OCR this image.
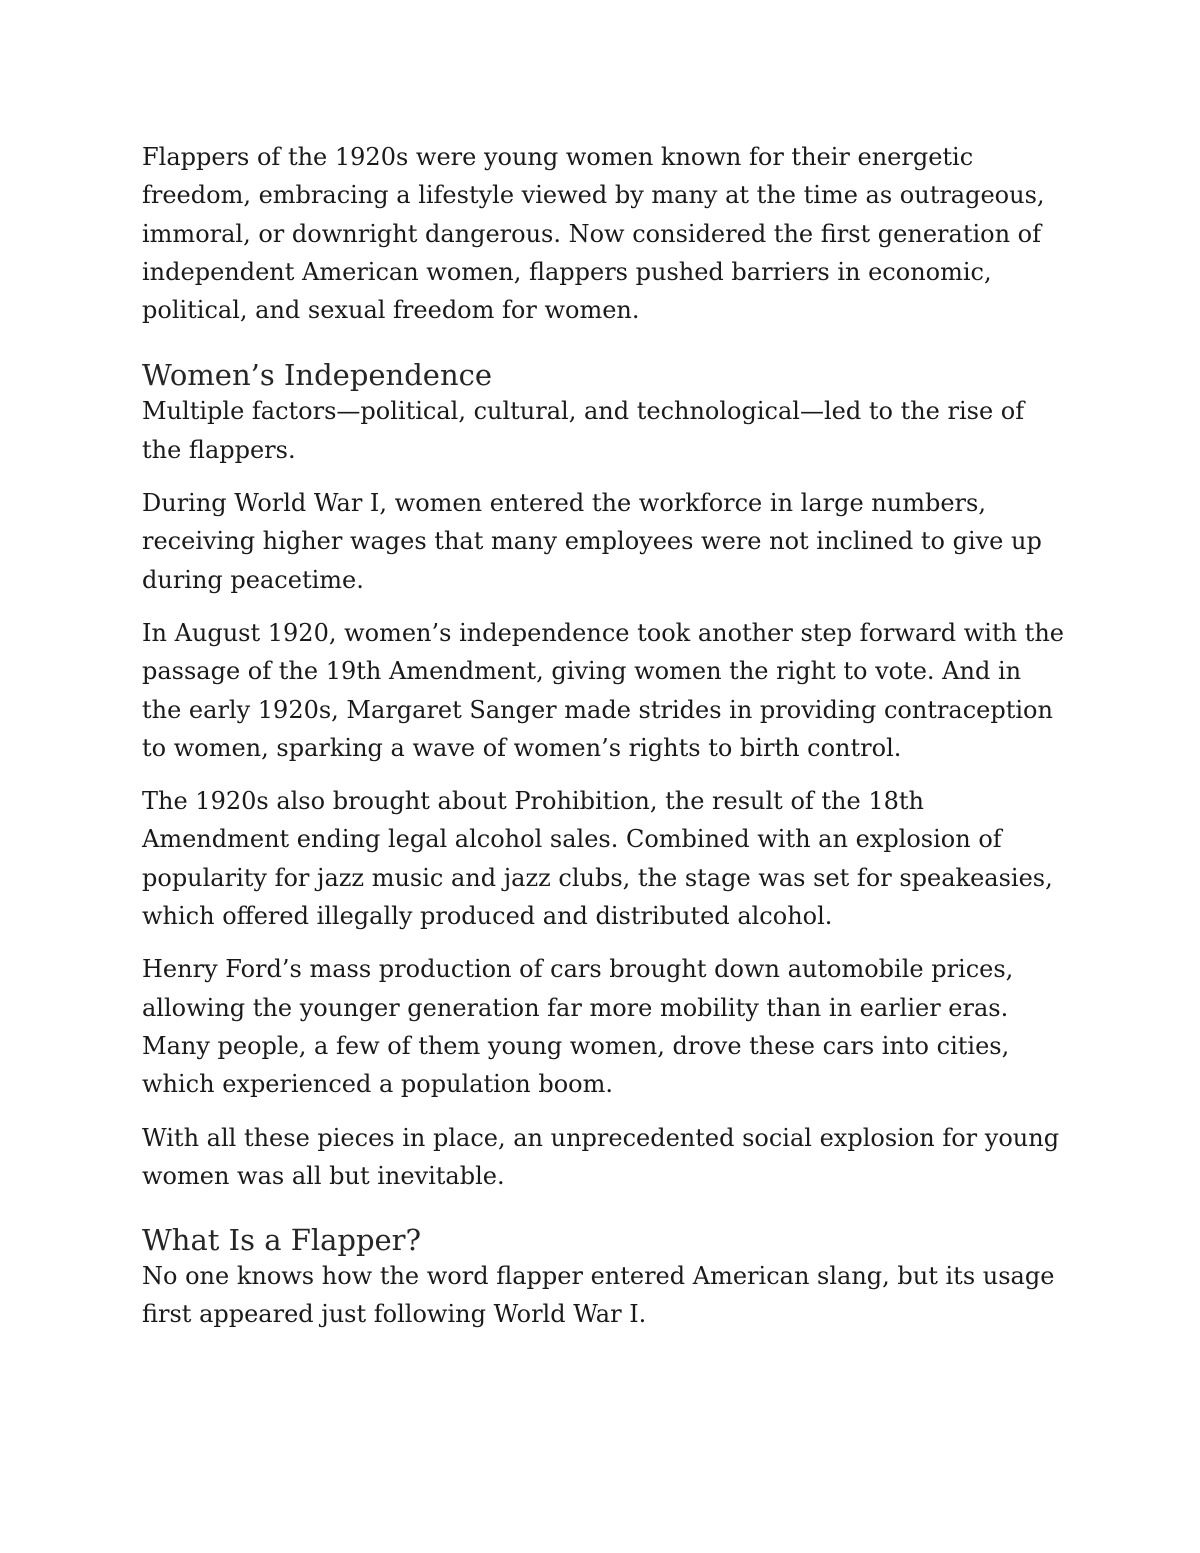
Flappers of the 1920s were young women known for their energetic freedom, embracing a lifestyle viewed by many at the time as outrageous, immoral, or downright dangerous. Now considered the first generation of independent American women, flappers pushed barriers in economic, political, and sexual freedom for women.

Women’s Independence

Multiple factors—political, cultural, and technological—led to the rise of the flappers.

During World War I, women entered the workforce in large numbers, receiving higher wages that many employees were not inclined to give up during peacetime.

In August 1920, women’s independence took another step forward with the passage of the 19th Amendment, giving women the right to vote. And in the early 1920s, Margaret Sanger made strides in providing contraception to women, sparking a wave of women’s rights to birth control.

The 1920s also brought about Prohibition, the result of the 18th Amendment ending legal alcohol sales. Combined with an explosion of popularity for jazz music and jazz clubs, the stage was set for speakeasies, which offered illegally produced and distributed alcohol.

Henry Ford’s mass production of cars brought down automobile prices, allowing the younger generation far more mobility than in earlier eras. Many people, a few of them young women, drove these cars into cities, which experienced a population boom.

With all these pieces in place, an unprecedented social explosion for young women was all but inevitable.

What Is a Flapper?

No one knows how the word flapper entered American slang, but its usage first appeared just following World War I.
